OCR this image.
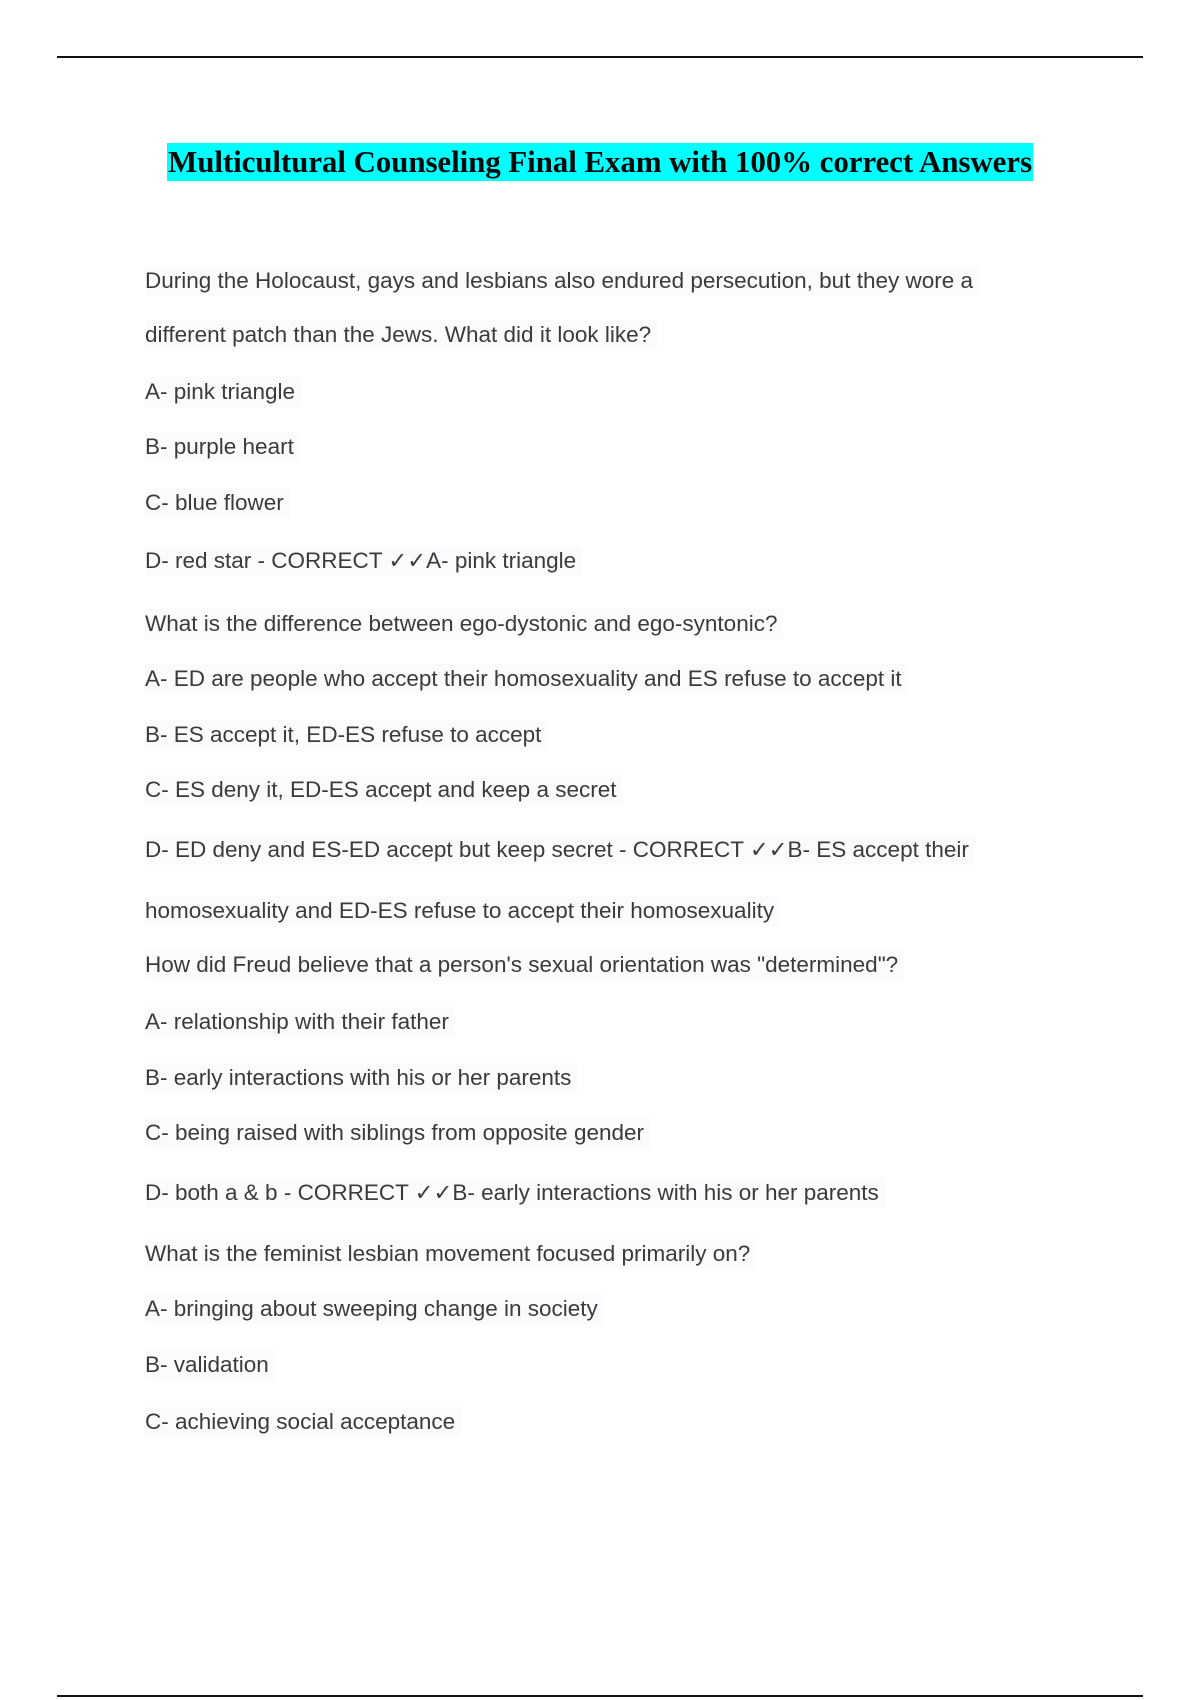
Multicultural Counseling Final Exam with 100% correct Answers

During the Holocaust, gays and lesbians also endured persecution, but they wore a

different patch than the Jews. What did it look like?

A- pink triangle

B- purple heart

C- blue flower

D- red star - CORRECT ✓✓A- pink triangle

What is the difference between ego-dystonic and ego-syntonic?

A- ED are people who accept their homosexuality and ES refuse to accept it

B- ES accept it, ED-ES refuse to accept

C- ES deny it, ED-ES accept and keep a secret

D- ED deny and ES-ED accept but keep secret - CORRECT ✓✓B- ES accept their

homosexuality and ED-ES refuse to accept their homosexuality

How did Freud believe that a person's sexual orientation was "determined"?

A- relationship with their father

B- early interactions with his or her parents

C- being raised with siblings from opposite gender

D- both a & b - CORRECT ✓✓B- early interactions with his or her parents

What is the feminist lesbian movement focused primarily on?

A- bringing about sweeping change in society

B- validation

C- achieving social acceptance
